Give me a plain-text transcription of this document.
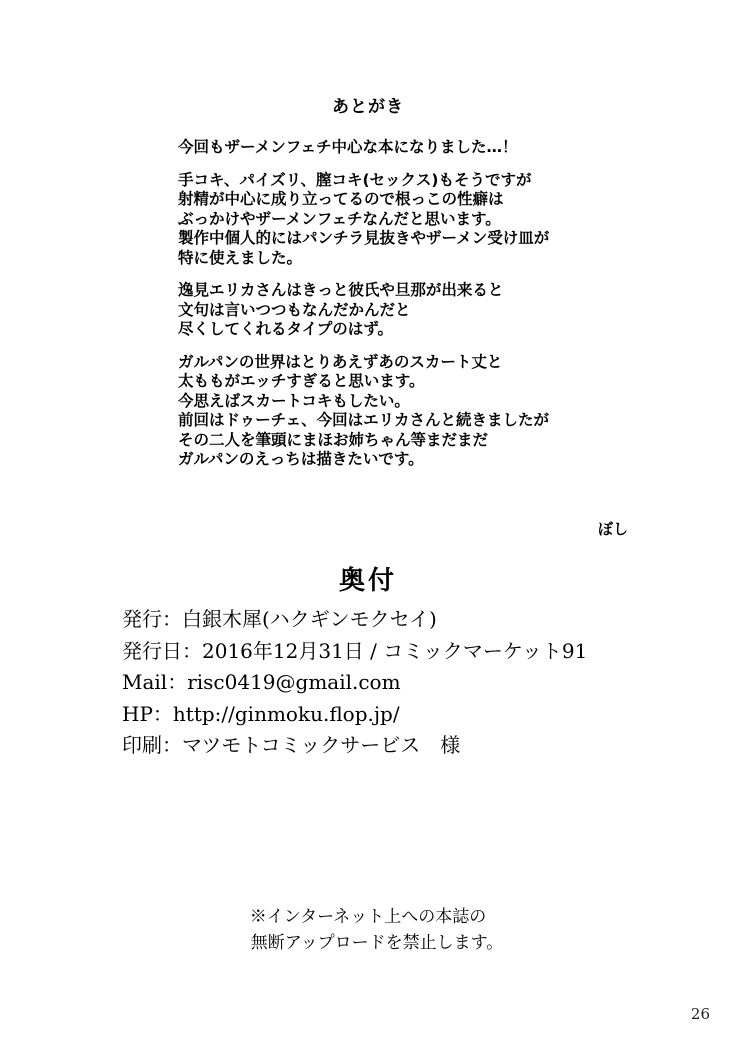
あとがき
今回もザーメンフェチ中心な本になりました…！
手コキ、パイズリ、膣コキ(セックス)もそうですが
射精が中心に成り立ってるので根っこの性癖は
ぶっかけやザーメンフェチなんだと思います。
製作中個人的にはパンチラ見抜きやザーメン受け皿が
特に使えました。
逸見エリカさんはきっと彼氏や旦那が出来ると
文句は言いつつもなんだかんだと
尽くしてくれるタイプのはず。
ガルパンの世界はとりあえずあのスカート丈と
太ももがエッチすぎると思います。
今思えばスカートコキもしたい。
前回はドゥーチェ、今回はエリカさんと続きましたが
その二人を筆頭にまほお姉ちゃん等まだまだ
ガルパンのえっちは描きたいです。
ぼし
奥付
発行：白銀木犀(ハクギンモクセイ)
発行日：2016年12月31日 / コミックマーケット91
Mail：risc0419@gmail.com
HP：http://ginmoku.flop.jp/
印刷：マツモトコミックサービス　様
※インターネット上への本誌の
無断アップロードを禁止します。
26
